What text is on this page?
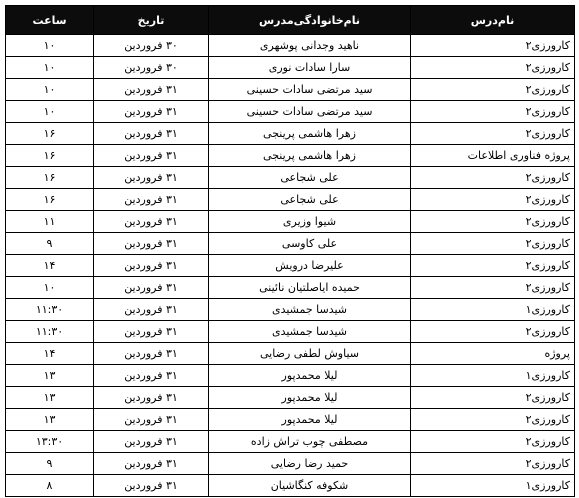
نام‌درس	نام‌خانوادگی‌مدرس	تاریخ	ساعت
کارورزی۲	ناهید وجدانی پوشهری	۳۰ فروردین	۱۰
کارورزی۲	سارا سادات نوری	۳۰ فروردین	۱۰
کارورزی۲	سید مرتضی سادات حسینی	۳۱ فروردین	۱۰
کارورزی۲	سید مرتضی سادات حسینی	۳۱ فروردین	۱۰
کارورزی۲	زهرا هاشمی پرینجی	۳۱ فروردین	۱۶
پروژه فناوری اطلاعات	زهرا هاشمی پرینجی	۳۱ فروردین	۱۶
کارورزی۲	علی شجاعی	۳۱ فروردین	۱۶
کارورزی۲	علی شجاعی	۳۱ فروردین	۱۶
کارورزی۲	شیوا وزیری	۳۱ فروردین	۱۱
کارورزی۲	علی کاوسی	۳۱ فروردین	۹
کارورزی۲	علیرضا درویش	۳۱ فروردین	۱۴
کارورزی۲	حمیده ایاصلتیان نائینی	۳۱ فروردین	۱۰
کارورزی۱	شیدسا جمشیدی	۳۱ فروردین	۱۱:۳۰
کارورزی۲	شیدسا جمشیدی	۳۱ فروردین	۱۱:۳۰
پروژه	سیاوش لطفی رضایی	۳۱ فروردین	۱۴
کارورزی۱	لیلا محمدپور	۳۱ فروردین	۱۳
کارورزی۲	لیلا محمدپور	۳۱ فروردین	۱۳
کارورزی۲	لیلا محمدپور	۳۱ فروردین	۱۳
کارورزی۲	مصطفی چوب تراش زاده	۳۱ فروردین	۱۳:۳۰
کارورزی۲	حمید رضا رضایی	۳۱ فروردین	۹
کارورزی۱	شکوفه کنگاشیان	۳۱ فروردین	۸
